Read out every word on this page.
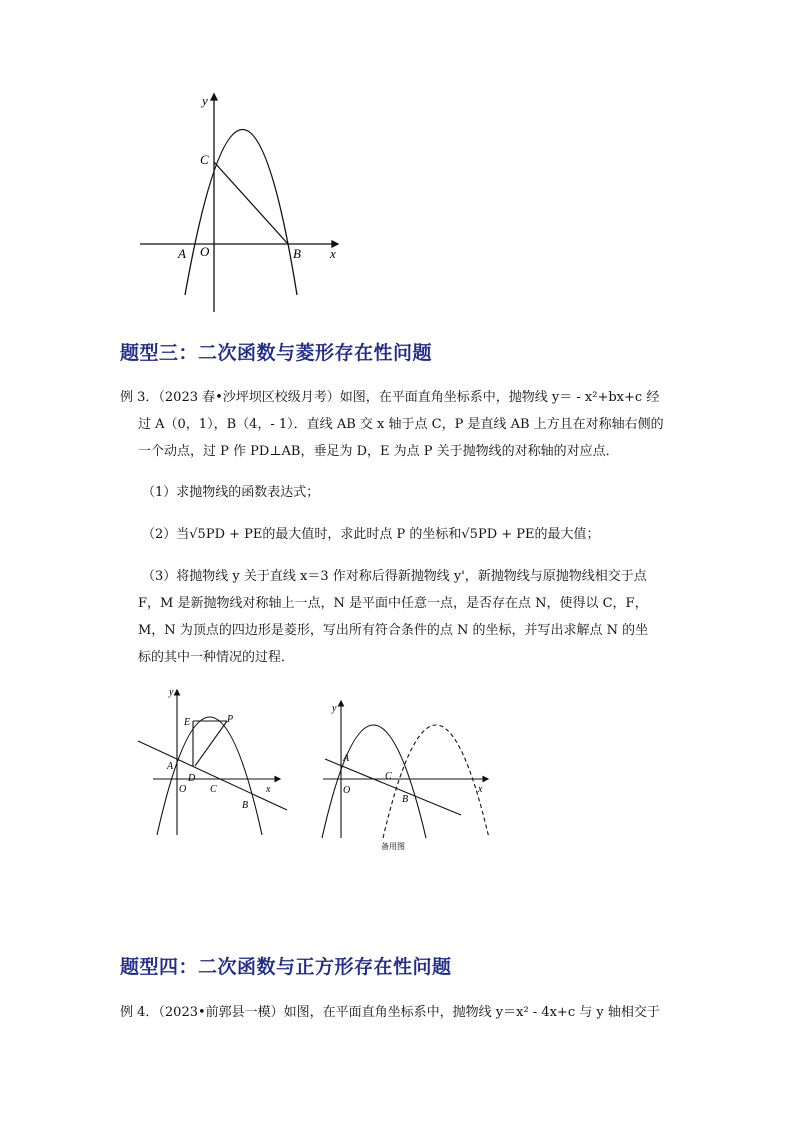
y
x
C
A O	B
题型三：二次函数与菱形存在性问题
例 3．（2023 春•沙坪坝区校级月考）如图，在平面直角坐标系中，抛物线 y＝ - x²+bx+c 经
过 A（0，1），B（4，- 1）．直线 AB 交 x 轴于点 C，P 是直线 AB 上方且在对称轴右侧的
一个动点，过 P 作 PD⊥AB，垂足为 D，E 为点 P 关于抛物线的对称轴的对应点．
（1）求抛物线的函数表达式；
（2）当√5PD + PE的最大值时，求此时点 P 的坐标和√5PD + PE的最大值；
（3）将抛物线 y 关于直线 x＝3 作对称后得新抛物线 y'，新抛物线与原抛物线相交于点
F，M 是新抛物线对称轴上一点，N 是平面中任意一点，是否存在点 N，使得以 C，F，
M，N 为顶点的四边形是菱形，写出所有符合条件的点 N 的坐标，并写出求解点 N 的坐
标的其中一种情况的过程．
y
x
E	P
A
D
O C
B
y
x
A
O
C
B
备用图
题型四：二次函数与正方形存在性问题
例 4．（2023•前郭县一模）如图，在平面直角坐标系中，抛物线 y＝x² - 4x+c 与 y 轴相交于
